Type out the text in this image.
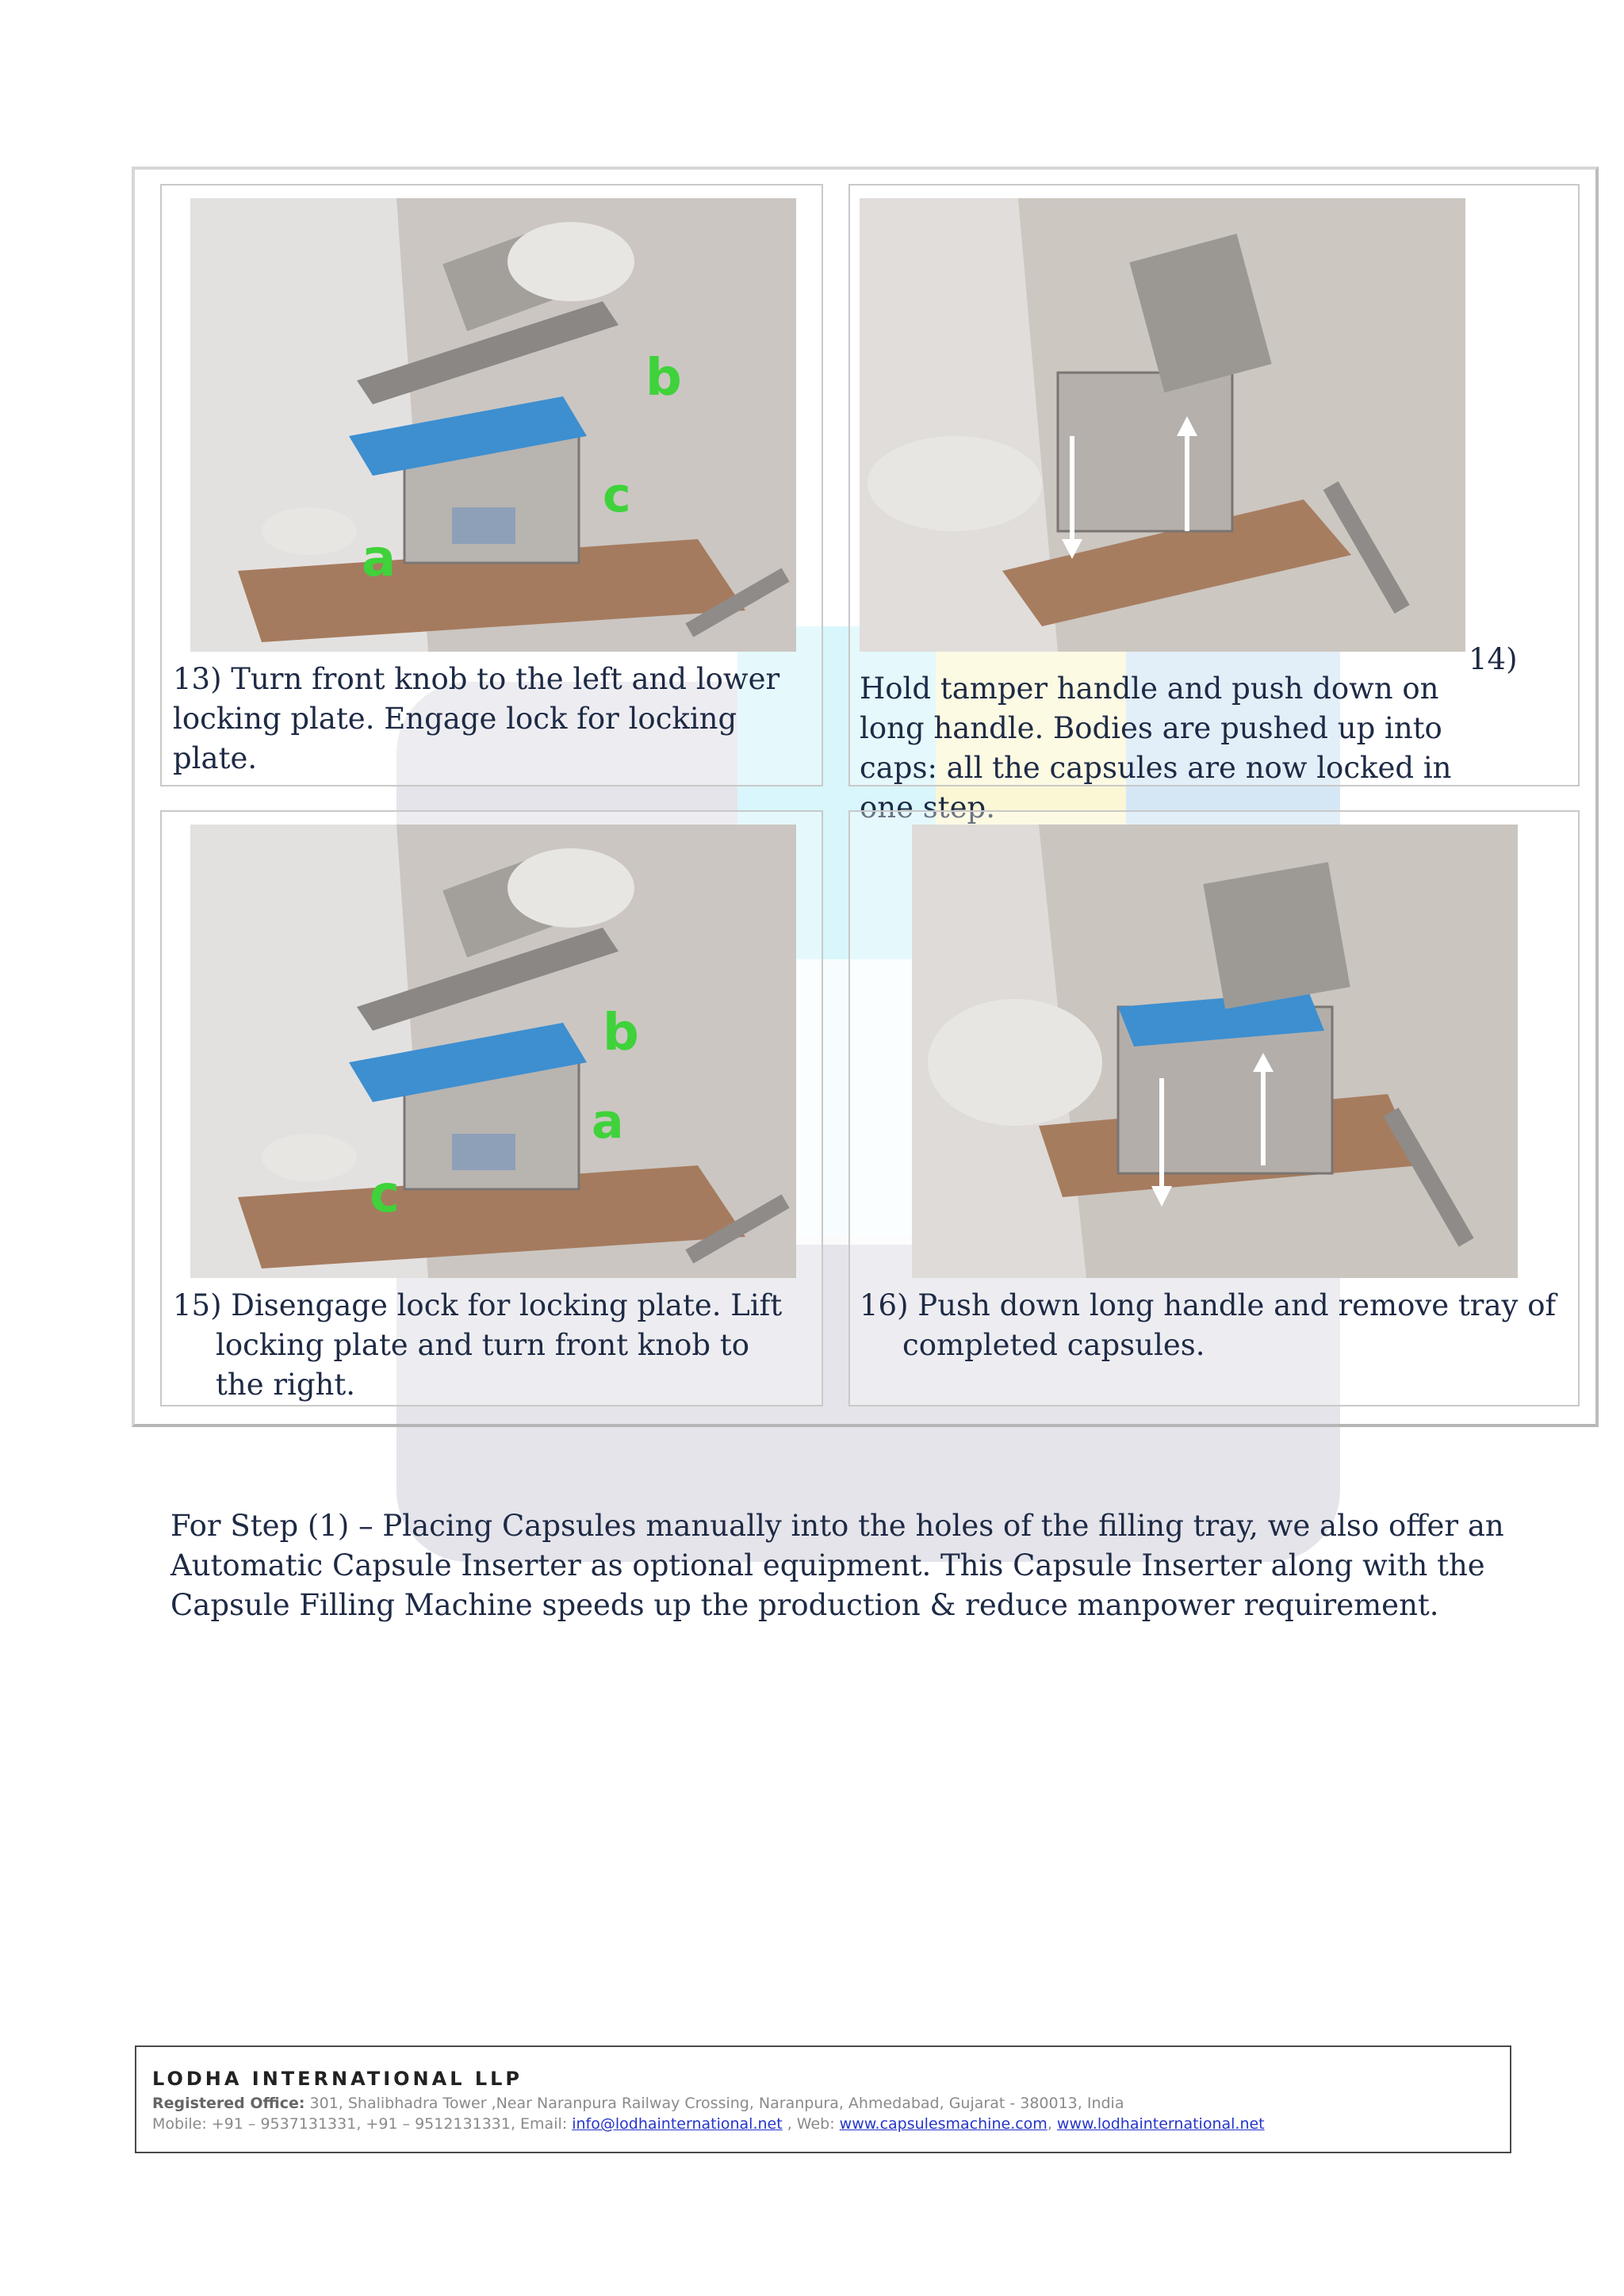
a
b
c

13) Turn front knob to the left and lower locking plate. Engage lock for locking plate.

14)

Hold tamper handle and push down on long handle. Bodies are pushed up into caps: all the capsules are now locked in one step.

c
b
a

15) Disengage lock for locking plate. Lift locking plate and turn front knob to the right.

16) Push down long handle and remove tray of completed capsules.

For Step (1) – Placing Capsules manually into the holes of the filling tray, we also offer an Automatic Capsule Inserter as optional equipment. This Capsule Inserter along with the Capsule Filling Machine speeds up the production & reduce manpower requirement.

LODHA INTERNATIONAL LLP
Registered Office: 301, Shalibhadra Tower ,Near Naranpura Railway Crossing, Naranpura, Ahmedabad, Gujarat - 380013, India
Mobile: +91 – 9537131331, +91 – 9512131331, Email: info@lodhainternational.net , Web: www.capsulesmachine.com, www.lodhainternational.net
